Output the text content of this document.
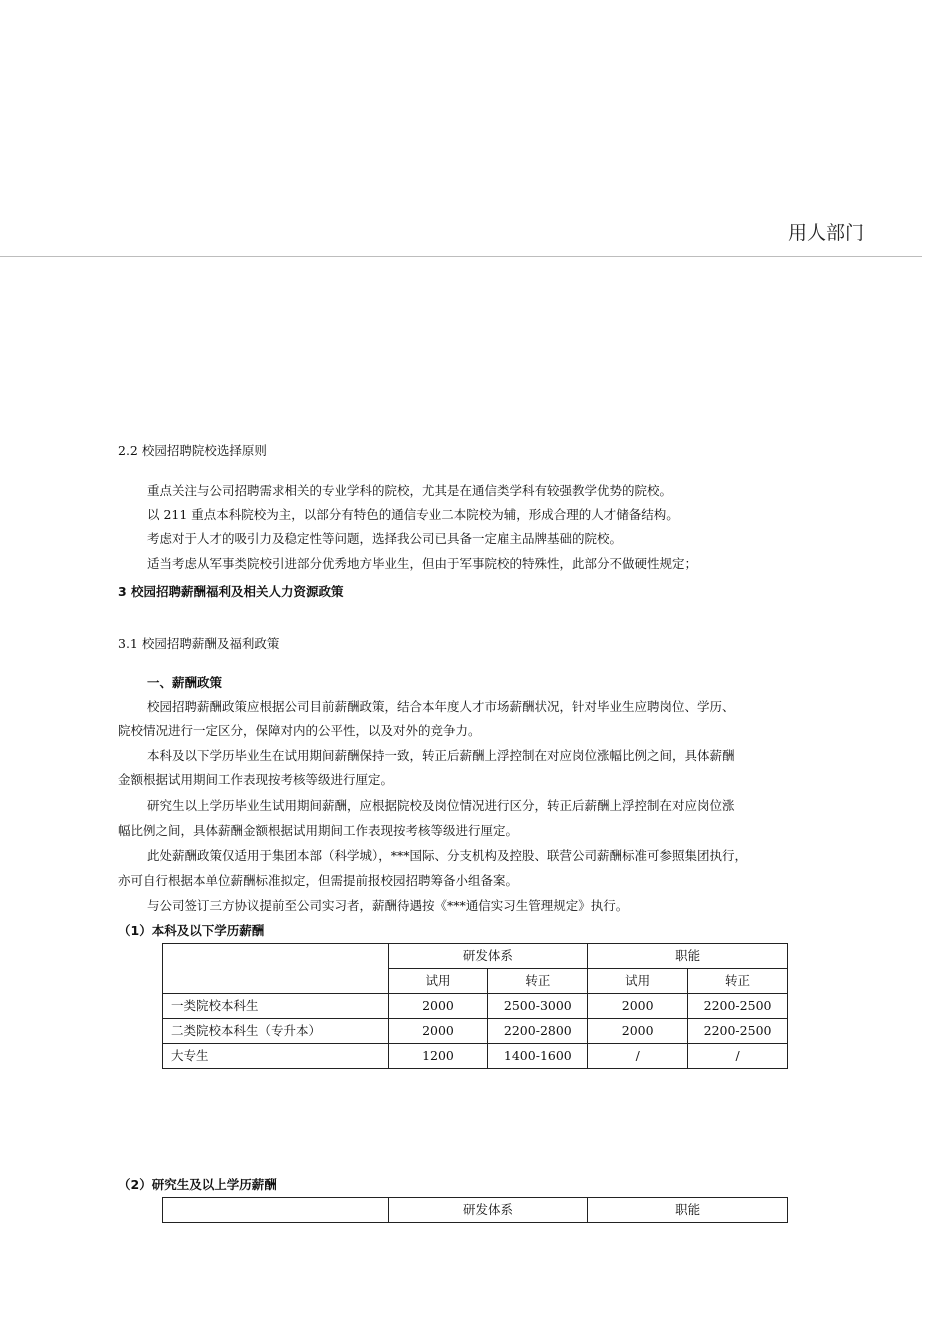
用人部门
2.2 校园招聘院校选择原则
重点关注与公司招聘需求相关的专业学科的院校，尤其是在通信类学科有较强教学优势的院校。
以 211 重点本科院校为主，以部分有特色的通信专业二本院校为辅，形成合理的人才储备结构。
考虑对于人才的吸引力及稳定性等问题，选择我公司已具备一定雇主品牌基础的院校。
适当考虑从军事类院校引进部分优秀地方毕业生，但由于军事院校的特殊性，此部分不做硬性规定；
3 校园招聘薪酬福利及相关人力资源政策
3.1 校园招聘薪酬及福利政策
一、薪酬政策
校园招聘薪酬政策应根据公司目前薪酬政策，结合本年度人才市场薪酬状况，针对毕业生应聘岗位、学历、
院校情况进行一定区分，保障对内的公平性，以及对外的竞争力。
本科及以下学历毕业生在试用期间薪酬保持一致，转正后薪酬上浮控制在对应岗位涨幅比例之间，具体薪酬
金额根据试用期间工作表现按考核等级进行厘定。
研究生以上学历毕业生试用期间薪酬，应根据院校及岗位情况进行区分，转正后薪酬上浮控制在对应岗位涨
幅比例之间，具体薪酬金额根据试用期间工作表现按考核等级进行厘定。
此处薪酬政策仅适用于集团本部（科学城），***国际、分支机构及控股、联营公司薪酬标准可参照集团执行，
亦可自行根据本单位薪酬标准拟定，但需提前报校园招聘筹备小组备案。
与公司签订三方协议提前至公司实习者，薪酬待遇按《***通信实习生管理规定》执行。
（1）本科及以下学历薪酬
	研发体系		职能	
	试用	转正	试用	转正
一类院校本科生	2000	2500-3000	2000	2200-2500
二类院校本科生（专升本）	2000	2200-2800	2000	2200-2500
大专生	1200	1400-1600	/	/
（2）研究生及以上学历薪酬
	研发体系	职能
